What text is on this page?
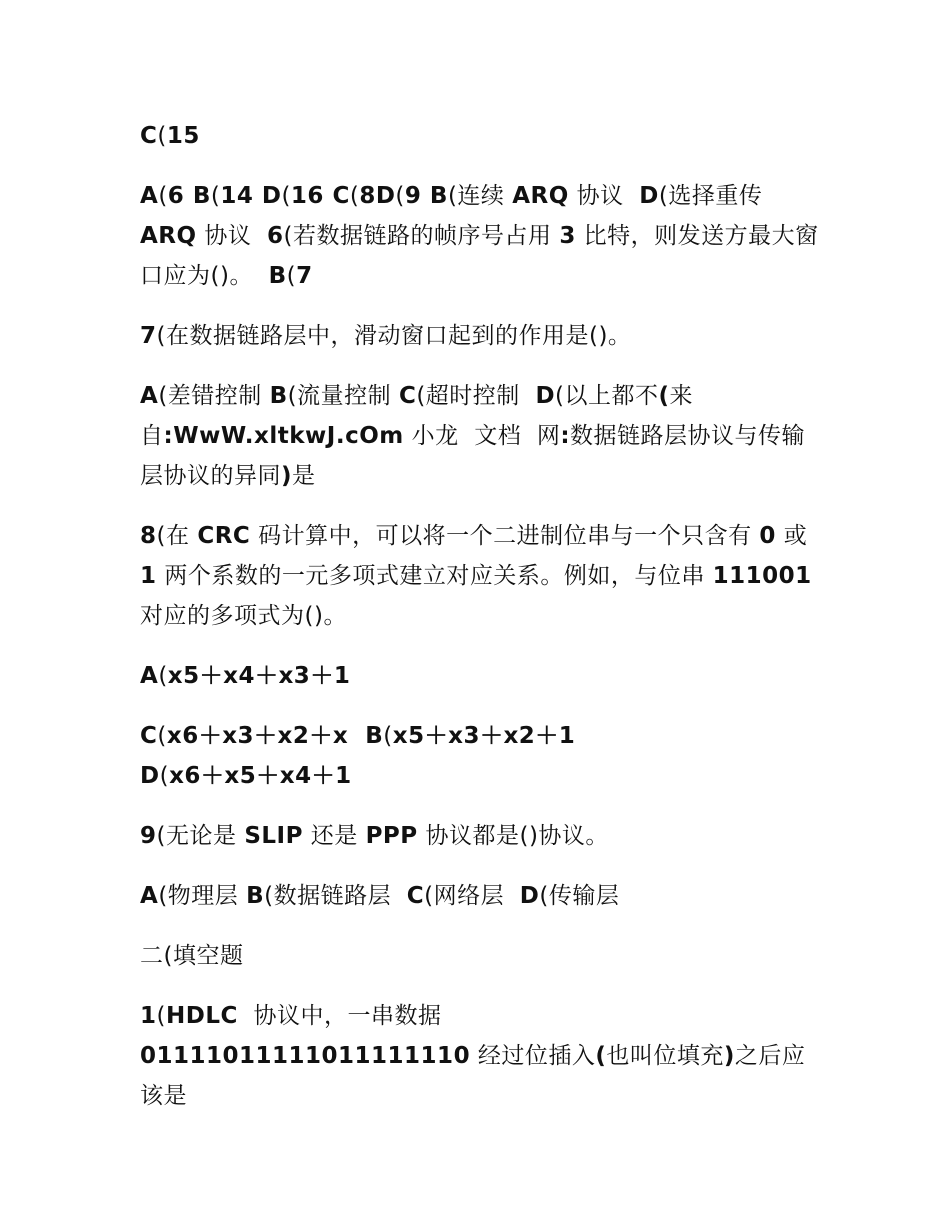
C(15

A(6 B(14 D(16 C(8D(9 B(连续 ARQ 协议  D(选择重传 ARQ 协议  6(若数据链路的帧序号占用 3 比特，则发送方最大窗口应为()。  B(7

7(在数据链路层中，滑动窗口起到的作用是()。

A(差错控制 B(流量控制 C(超时控制  D(以上都不(来自:WwW.xltkwJ.cOm 小龙  文档  网:数据链路层协议与传输层协议的异同)是

8(在 CRC 码计算中，可以将一个二进制位串与一个只含有 0 或 1 两个系数的一元多项式建立对应关系。例如，与位串 111001 对应的多项式为()。

A(x5＋x4＋x3＋1

C(x6＋x3＋x2＋x  B(x5＋x3＋x2＋1
D(x6＋x5＋x4＋1

9(无论是 SLIP 还是 PPP 协议都是()协议。

A(物理层 B(数据链路层  C(网络层  D(传输层

二(填空题

1(HDLC  协议中，一串数据
01111011111011111110 经过位插入(也叫位填充)之后应该是
